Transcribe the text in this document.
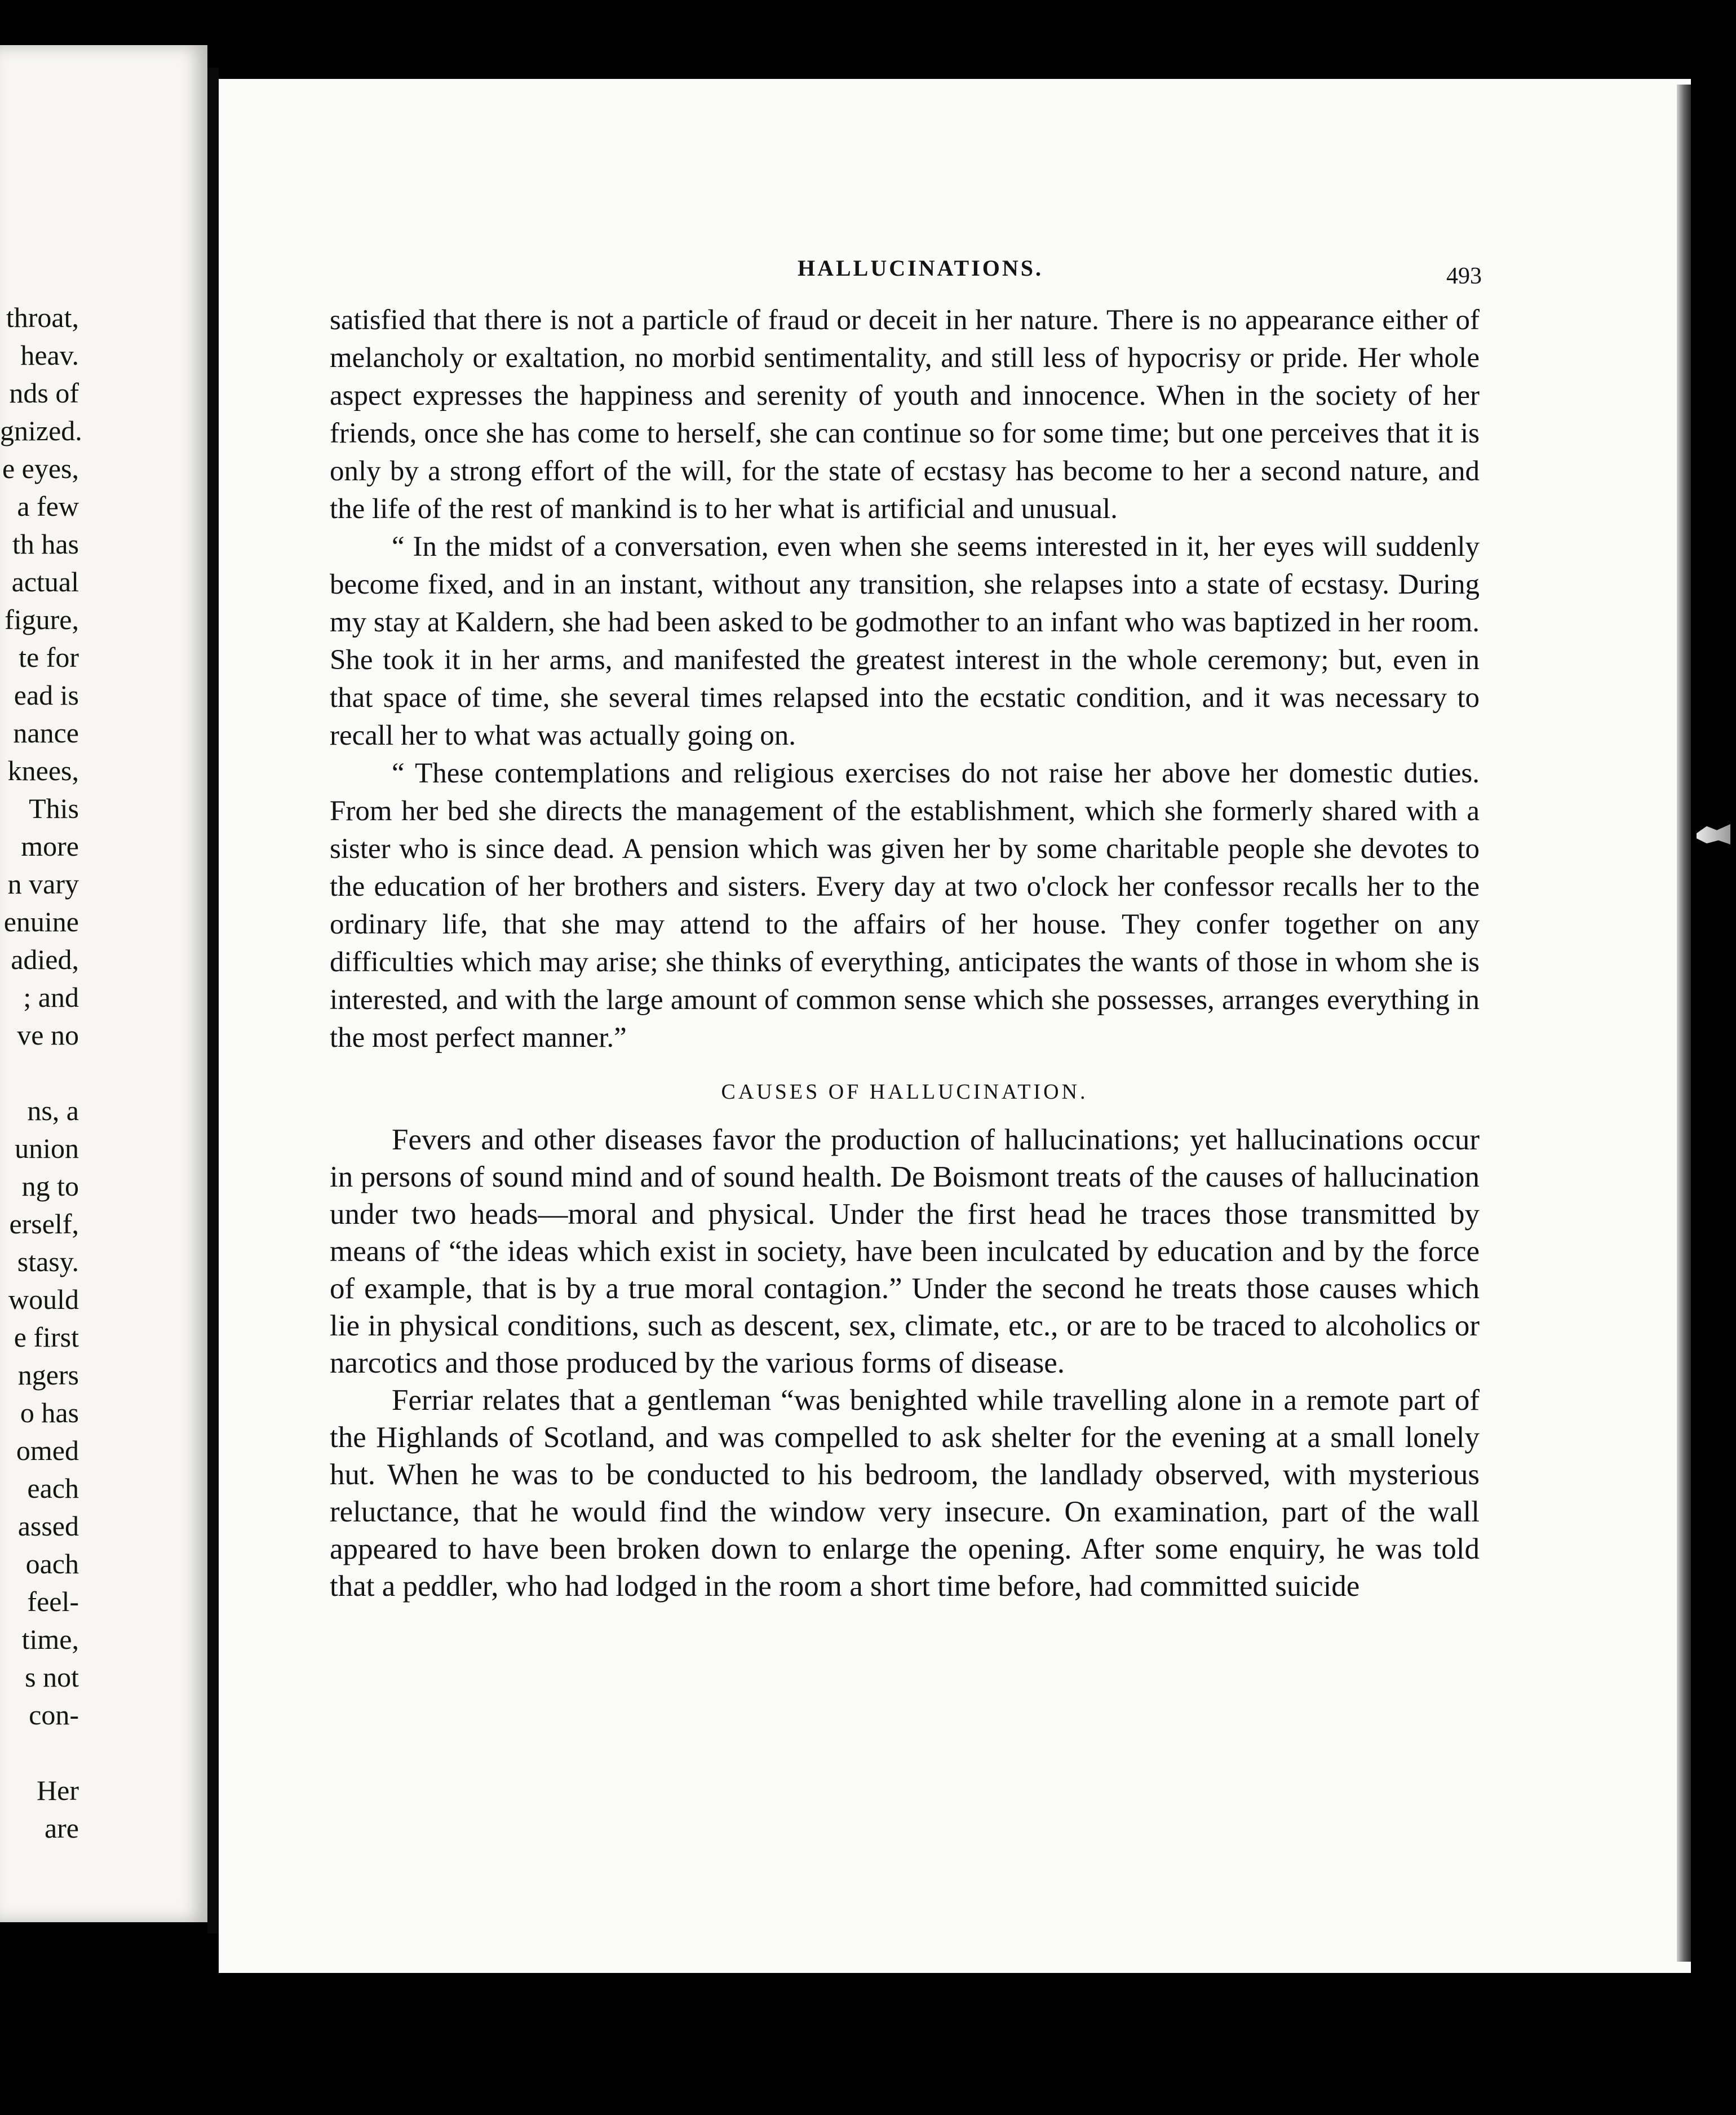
throat,
heav.
nds of
gnized.
e eyes,
a few
th has
actual
figure,
te for
ead is
nance
knees,
This
more
n vary
enuine
adied,
; and
ve no

ns, a
union
ng to
erself,
stasy.
would
e first
ngers
o has
omed
each
assed
oach
feel-
time,
s not
con-

Her
are
HALLUCINATIONS.	493

satisfied that there is not a particle of fraud or deceit in her nature. There is no appearance either of melancholy or exaltation, no morbid sentimentality, and still less of hypocrisy or pride. Her whole aspect expresses the happiness and serenity of youth and innocence. When in the society of her friends, once she has come to herself, she can continue so for some time; but one perceives that it is only by a strong effort of the will, for the state of ecstasy has become to her a second nature, and the life of the rest of mankind is to her what is artificial and unusual.

“ In the midst of a conversation, even when she seems interested in it, her eyes will suddenly become fixed, and in an instant, without any transition, she relapses into a state of ecstasy. During my stay at Kaldern, she had been asked to be godmother to an infant who was baptized in her room. She took it in her arms, and manifested the greatest interest in the whole ceremony; but, even in that space of time, she several times relapsed into the ecstatic condition, and it was necessary to recall her to what was actually going on.

“ These contemplations and religious exercises do not raise her above her domestic duties. From her bed she directs the management of the establishment, which she formerly shared with a sister who is since dead. A pension which was given her by some charitable people she devotes to the education of her brothers and sisters. Every day at two o'clock her confessor recalls her to the ordinary life, that she may attend to the affairs of her house. They confer together on any difficulties which may arise; she thinks of everything, anticipates the wants of those in whom she is interested, and with the large amount of common sense which she possesses, arranges everything in the most perfect manner.”

CAUSES OF HALLUCINATION.

Fevers and other diseases favor the production of hallucinations; yet hallucinations occur in persons of sound mind and of sound health. De Boismont treats of the causes of hallucination under two heads—moral and physical. Under the first head he traces those transmitted by means of “the ideas which exist in society, have been inculcated by education and by the force of example, that is by a true moral contagion.” Under the second he treats those causes which lie in physical conditions, such as descent, sex, climate, etc., or are to be traced to alcoholics or narcotics and those produced by the various forms of disease.

Ferriar relates that a gentleman “was benighted while travelling alone in a remote part of the Highlands of Scotland, and was compelled to ask shelter for the evening at a small lonely hut. When he was to be conducted to his bedroom, the landlady observed, with mysterious reluctance, that he would find the window very insecure. On examination, part of the wall appeared to have been broken down to enlarge the opening. After some enquiry, he was told that a peddler, who had lodged in the room a short time before, had committed suicide
